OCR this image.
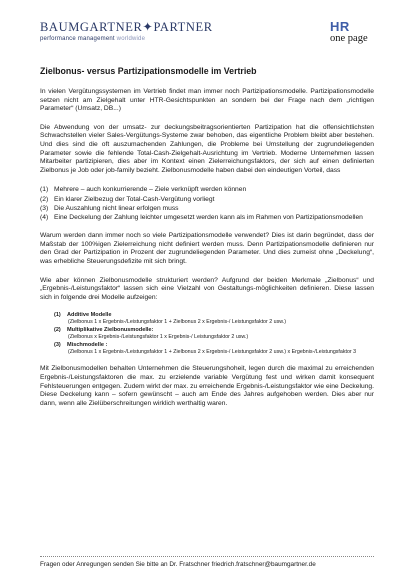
BAUMGARTNER✦PARTNER
performance management worldwide
HR
one page
Zielbonus- versus Partizipationsmodelle im Vertrieb

In vielen Vergütungssystemen im Vertrieb findet man immer noch Partizipationsmodelle. Partizipationsmodelle setzen nicht am Zielgehalt unter HTR-Gesichtspunkten an sondern bei der Frage nach dem „richtigen Parameter“ (Umsatz, DB...)

Die Abwendung von der umsatz- zur deckungsbeitragsorientierten Partizipation hat die offensichtlichsten Schwachstellen vieler Sales-Vergütungs-Systeme zwar behoben, das eigentliche Problem bleibt aber bestehen. Und dies sind die oft auszumachenden Zahlungen, die Probleme bei Umstellung der zugrundeliegenden Parameter sowie die fehlende Total-Cash-Zielgehalt-Ausrichtung im Vertrieb. Moderne Unternehmen lassen Mitarbeiter partizipieren, dies aber im Kontext einen Zielerreichungsfaktors, der sich auf einen definierten Zielbonus je Job oder job-family bezieht. Zielbonusmodelle haben dabei den eindeutigen Vorteil, dass

(1) Mehrere – auch konkurrierende – Ziele verknüpft werden können
(2) Ein klarer Zielbezug der Total-Cash-Vergütung vorliegt
(3) Die Auszahlung nicht linear erfolgen muss
(4) Eine Deckelung der Zahlung leichter umgesetzt werden kann als im Rahmen von Partizipationsmodellen

Warum werden dann immer noch so viele Partizipationsmodelle verwendet? Dies ist darin begründet, dass der Maßstab der 100%igen Zielerreichung nicht definiert werden muss. Denn Partizipationsmodelle definieren nur den Grad der Partizipation in Prozent der zugrundeliegenden Parameter. Und dies zumeist ohne „Deckelung“, was erhebliche Steuerungsdefizite mit sich bringt.

Wie aber können Zielbonusmodelle strukturiert werden? Aufgrund der beiden Merkmale „Zielbonus“ und „Ergebnis-/Leistungsfaktor“ lassen sich eine Vielzahl von Gestaltungs-möglichkeiten definieren. Diese lassen sich in folgende drei Modelle aufzeigen:

(1)	Additive Modelle
(Zielbonus 1 x Ergebnis-/Leistungsfaktor 1 + Zielbonus 2 x Ergebnis-/ Leistungsfaktor 2 usw.)
(2)	Multiplikative Zielbonusmodelle:
(Zielbonus x Ergebnis-/Leistungsfaktor 1 x Ergebnis-/ Leistungsfaktor 2 usw.)
(3)	Mischmodelle :
(Zielbonus 1 x Ergebnis-/Leistungsfaktor 1 + Zielbonus 2 x Ergebnis-/ Leistungsfaktor 2 usw.) x Ergebnis-/Leistungsfaktor 3

Mit Zielbonusmodellen behalten Unternehmen die Steuerungshoheit, legen durch die maximal zu erreichenden Ergebnis-/Leistungsfaktoren die max. zu erzielende variable Vergütung fest und wirken damit konsequent Fehlsteuerungen entgegen. Zudem wirkt der max. zu erreichende Ergebnis-/Leistungsfaktor wie eine Deckelung. Diese Deckelung kann – sofern gewünscht – auch am Ende des Jahres aufgehoben werden. Dies aber nur dann, wenn alle Zielüberschreitungen wirklich werthaltig waren.

Fragen oder Anregungen senden Sie bitte an Dr. Fratschner friedrich.fratschner@baumgartner.de
